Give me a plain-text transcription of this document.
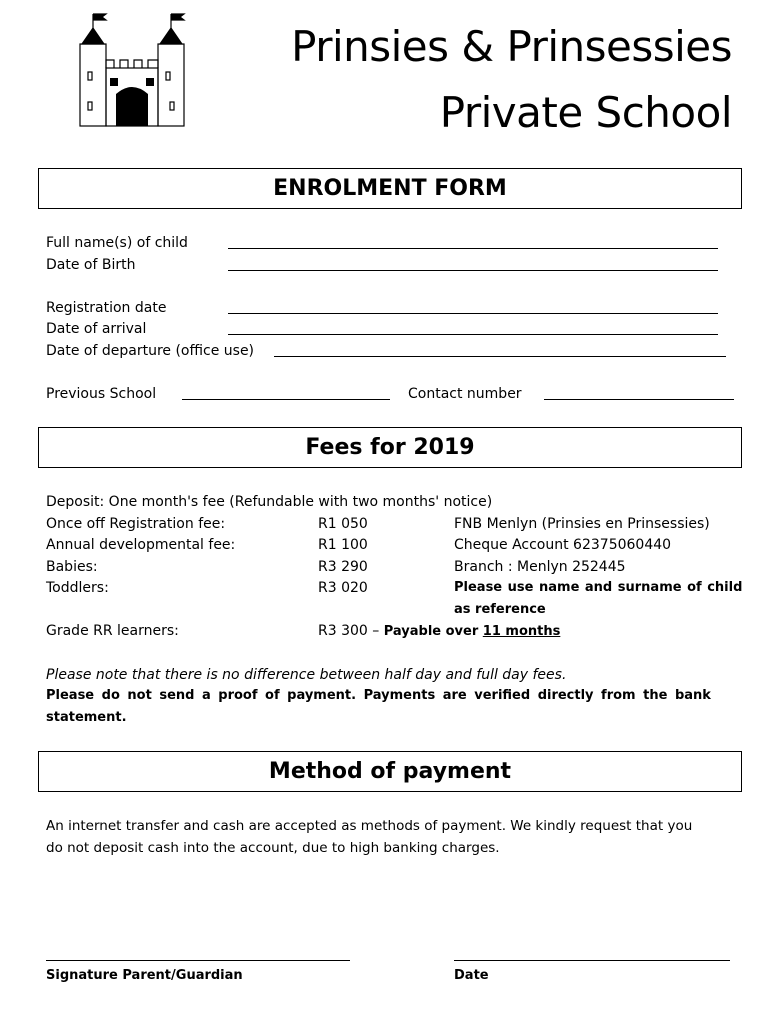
Prinsies & Prinsessies
Private School
ENROLMENT FORM
Full name(s) of child
Date of Birth
Registration date
Date of arrival
Date of departure (office use)
Previous School	Contact number
Fees for 2019
Deposit: One month's fee (Refundable with two months' notice)
Once off Registration fee:	R1 050	FNB Menlyn (Prinsies en Prinsessies)
Annual developmental fee:	R1 100	Cheque Account 62375060440
Babies:	R3 290	Branch : Menlyn 252445
Toddlers:	R3 020	Please use name and surname of child
as reference
Grade RR learners:	R3 300 – Payable over 11 months
Please note that there is no difference between half day and full day fees.
Please do not send a proof of payment. Payments are verified directly from the bank
statement.
Method of payment
An internet transfer and cash are accepted as methods of payment. We kindly request that you
do not deposit cash into the account, due to high banking charges.
Signature Parent/Guardian	Date
